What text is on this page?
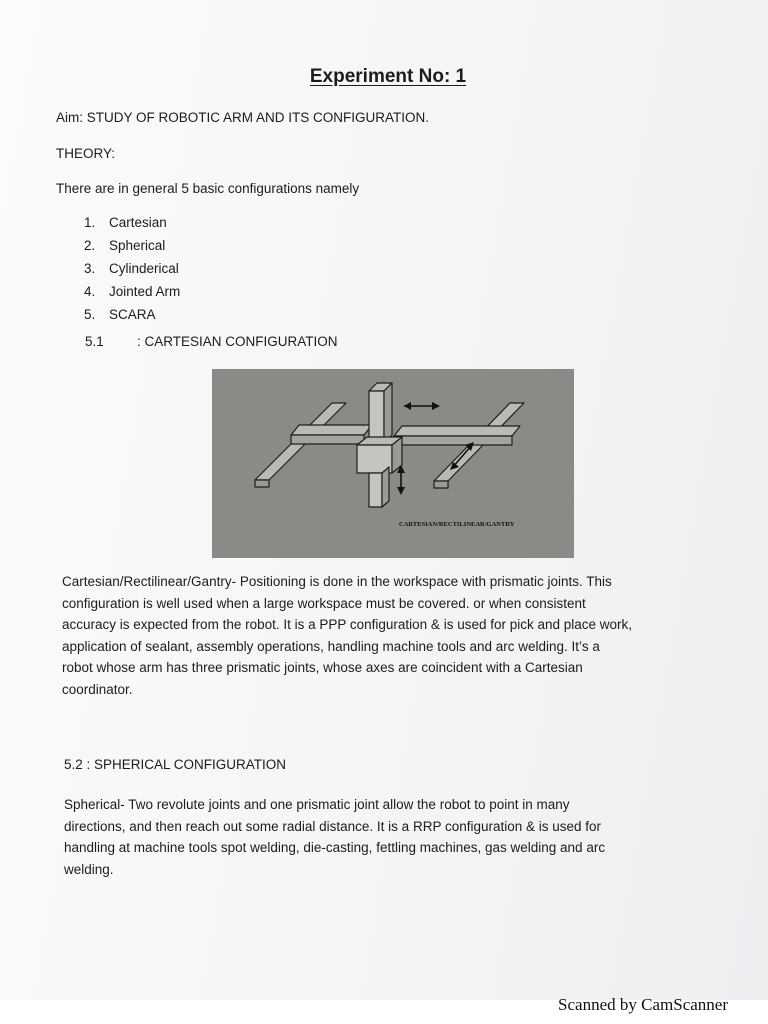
Experiment No: 1
Aim: STUDY OF ROBOTIC ARM AND ITS CONFIGURATION.
THEORY:
There are in general 5 basic configurations namely
1. Cartesian
2. Spherical
3. Cylinderical
4. Jointed Arm
5. SCARA
5.1 : CARTESIAN CONFIGURATION
CARTESIAN/RECTILINEAR/GANTRY
Cartesian/Rectilinear/Gantry- Positioning is done in the workspace with prismatic joints. This
configuration is well used when a large workspace must be covered. or when consistent
accuracy is expected from the robot. It is a PPP configuration & is used for pick and place work,
application of sealant, assembly operations, handling machine tools and arc welding. It’s a
robot whose arm has three prismatic joints, whose axes are coincident with a Cartesian
coordinator.
5.2 : SPHERICAL CONFIGURATION
Spherical- Two revolute joints and one prismatic joint allow the robot to point in many
directions, and then reach out some radial distance. It is a RRP configuration & is used for
handling at machine tools spot welding, die-casting, fettling machines, gas welding and arc
welding.
Scanned by CamScanner
